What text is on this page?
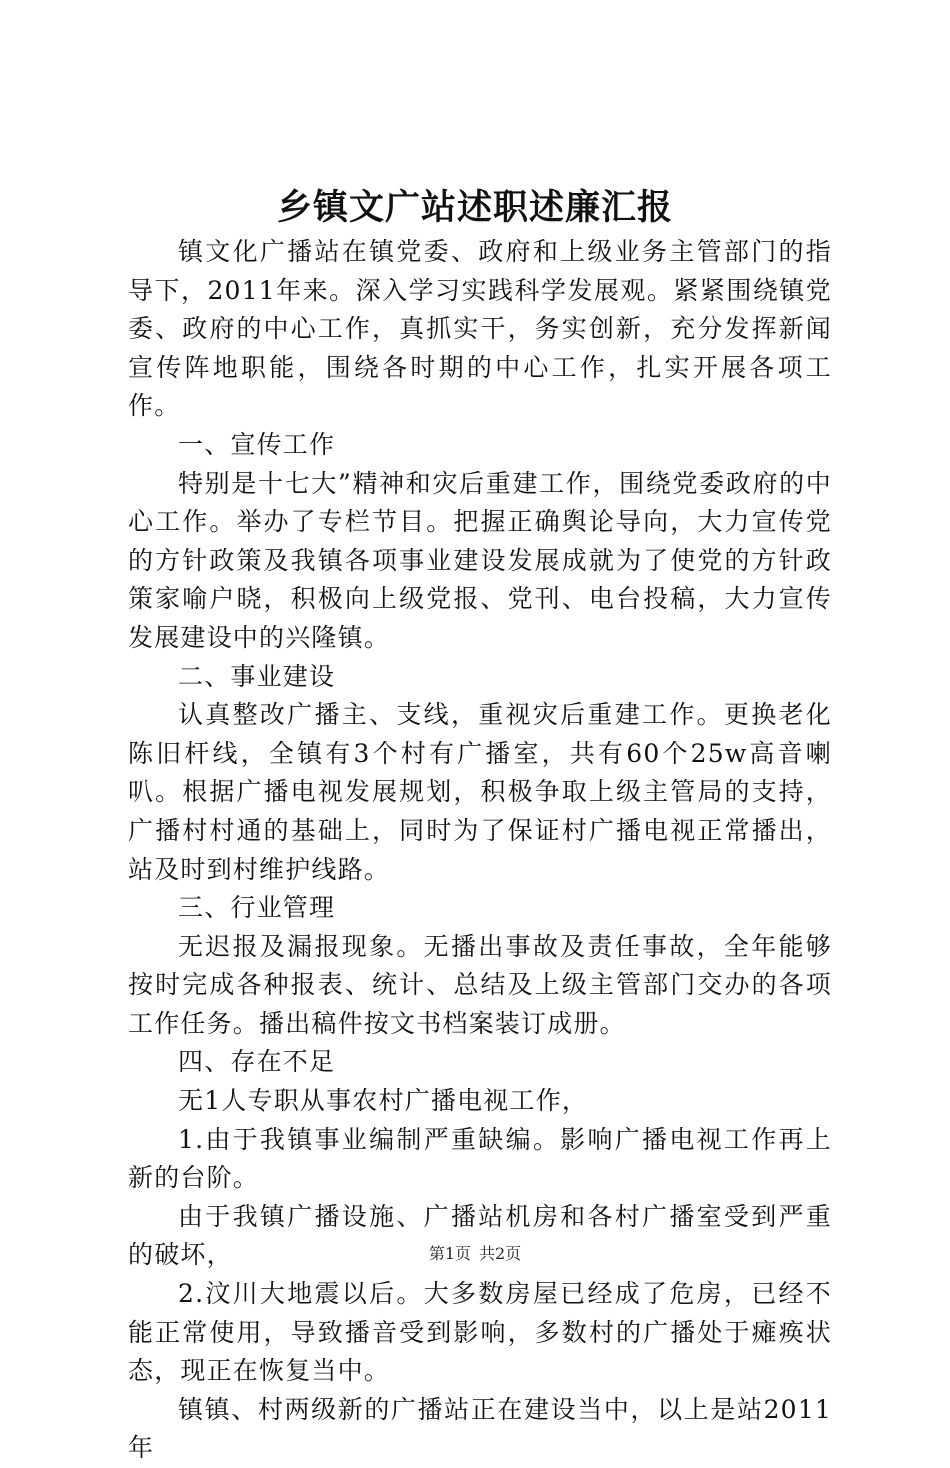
乡镇文广站述职述廉汇报

镇文化广播站在镇党委、政府和上级业务主管部门的指导下，2011年来。深入学习实践科学发展观。紧紧围绕镇党委、政府的中心工作，真抓实干，务实创新，充分发挥新闻宣传阵地职能，围绕各时期的中心工作，扎实开展各项工作。

一、宣传工作

特别是十七大”精神和灾后重建工作，围绕党委政府的中心工作。举办了专栏节目。把握正确舆论导向，大力宣传党的方针政策及我镇各项事业建设发展成就为了使党的方针政策家喻户晓，积极向上级党报、党刊、电台投稿，大力宣传发展建设中的兴隆镇。

二、事业建设

认真整改广播主、支线，重视灾后重建工作。更换老化陈旧杆线，全镇有3个村有广播室，共有60个25w高音喇叭。根据广播电视发展规划，积极争取上级主管局的支持，广播村村通的基础上，同时为了保证村广播电视正常播出，站及时到村维护线路。

三、行业管理

无迟报及漏报现象。无播出事故及责任事故，全年能够按时完成各种报表、统计、总结及上级主管部门交办的各项工作任务。播出稿件按文书档案装订成册。

四、存在不足

无1人专职从事农村广播电视工作，

1.由于我镇事业编制严重缺编。影响广播电视工作再上新的台阶。

由于我镇广播设施、广播站机房和各村广播室受到严重的破坏，

2.汶川大地震以后。大多数房屋已经成了危房，已经不能正常使用，导致播音受到影响，多数村的广播处于瘫痪状态，现正在恢复当中。

镇镇、村两级新的广播站正在建设当中，以上是站2011年

第1页 共2页
